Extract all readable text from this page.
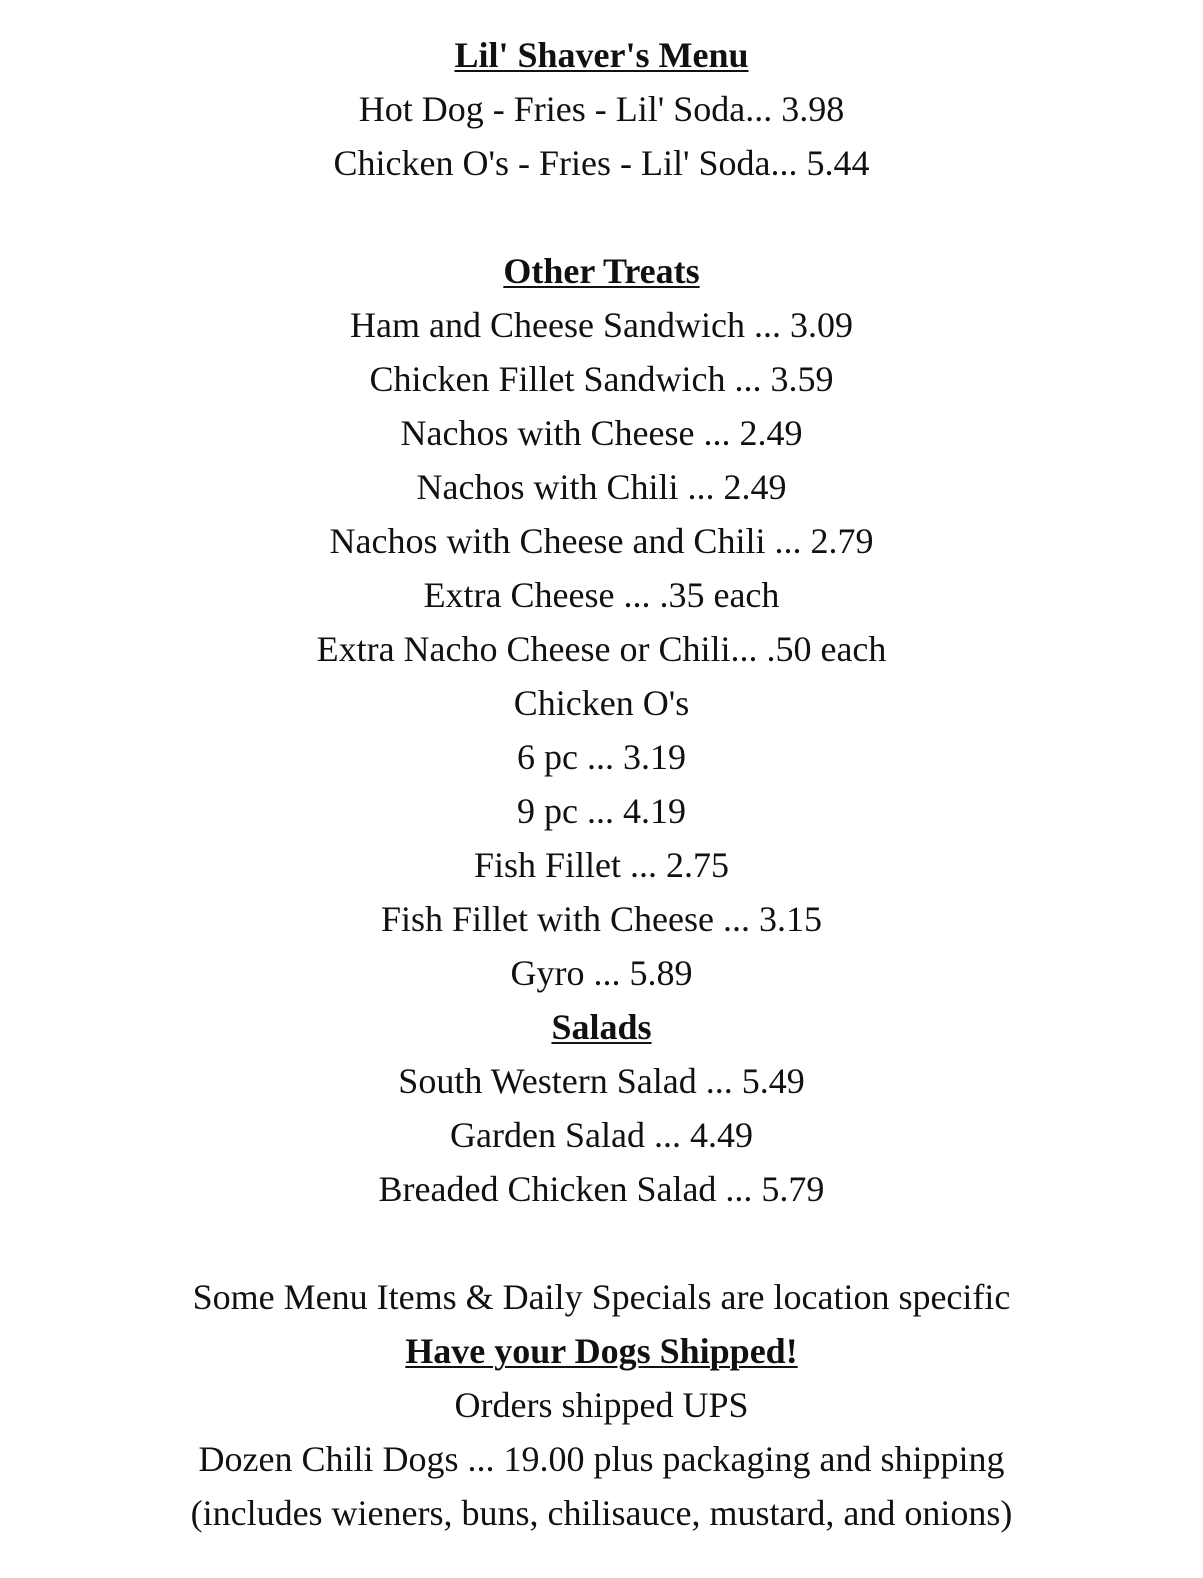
Lil' Shaver's Menu
Hot Dog - Fries - Lil' Soda... 3.98
Chicken O's - Fries - Lil' Soda... 5.44
Other Treats
Ham and Cheese Sandwich ... 3.09
Chicken Fillet Sandwich ... 3.59
Nachos with Cheese ... 2.49
Nachos with Chili ... 2.49
Nachos with Cheese and Chili ... 2.79
Extra Cheese ... .35 each
Extra Nacho Cheese or Chili... .50 each
Chicken O's
6 pc ... 3.19
9 pc ... 4.19
Fish Fillet ... 2.75
Fish Fillet with Cheese ... 3.15
Gyro ... 5.89
Salads
South Western Salad ... 5.49
Garden Salad ... 4.49
Breaded Chicken Salad ... 5.79
Some Menu Items & Daily Specials are location specific
Have your Dogs Shipped!
Orders shipped UPS
Dozen Chili Dogs ... 19.00 plus packaging and shipping
(includes wieners, buns, chilisauce, mustard, and onions)
